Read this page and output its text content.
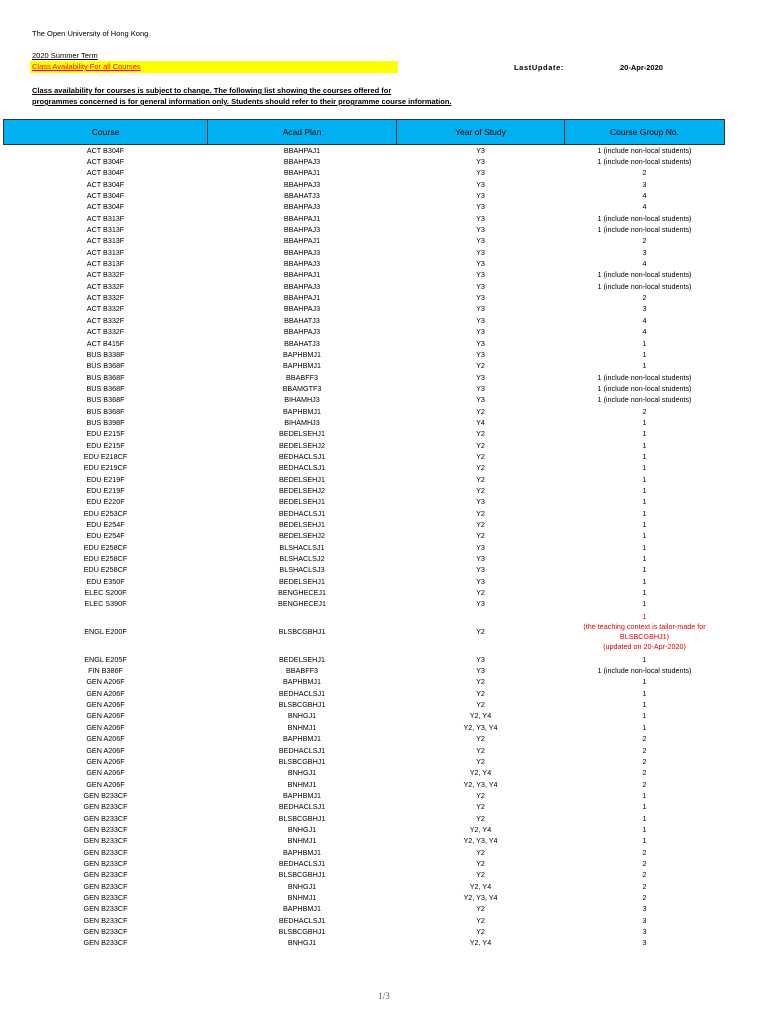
The Open University of Hong Kong
2020 Summer Term
Class Availability For all Courses	LastUpdate:	20-Apr-2020
Class availability for courses is subject to change. The following list showing the courses offered for
programmes concerned is for general information only. Students should refer to their programme course information.
Course	Acad Plan	Year of Study	Course Group No.
ACT B304F	BBAHPAJ1	Y3	1 (include non-local students)
ACT B304F	BBAHPAJ3	Y3	1 (include non-local students)
ACT B304F	BBAHPAJ1	Y3	2
ACT B304F	BBAHPAJ3	Y3	3
ACT B304F	BBAHATJ3	Y3	4
ACT B304F	BBAHPAJ3	Y3	4
ACT B313F	BBAHPAJ1	Y3	1 (include non-local students)
ACT B313F	BBAHPAJ3	Y3	1 (include non-local students)
ACT B313F	BBAHPAJ1	Y3	2
ACT B313F	BBAHPAJ3	Y3	3
ACT B313F	BBAHPAJ3	Y3	4
ACT B332F	BBAHPAJ1	Y3	1 (include non-local students)
ACT B332F	BBAHPAJ3	Y3	1 (include non-local students)
ACT B332F	BBAHPAJ1	Y3	2
ACT B332F	BBAHPAJ3	Y3	3
ACT B332F	BBAHATJ3	Y3	4
ACT B332F	BBAHPAJ3	Y3	4
ACT B415F	BBAHATJ3	Y3	1
BUS B338F	BAPHBMJ1	Y3	1
BUS B368F	BAPHBMJ1	Y2	1
BUS B368F	BBABFF3	Y3	1 (include non-local students)
BUS B368F	BBAMGTF3	Y3	1 (include non-local students)
BUS B368F	BIHAMHJ3	Y3	1 (include non-local students)
BUS B368F	BAPHBMJ1	Y2	2
BUS B398F	BIHAMHJ3	Y4	1
EDU E215F	BEDELSEHJ1	Y2	1
EDU E215F	BEDELSEHJ2	Y2	1
EDU E218CF	BEDHACLSJ1	Y2	1
EDU E219CF	BEDHACLSJ1	Y2	1
EDU E219F	BEDELSEHJ1	Y2	1
EDU E219F	BEDELSEHJ2	Y2	1
EDU E220F	BEDELSEHJ1	Y3	1
EDU E253CF	BEDHACLSJ1	Y2	1
EDU E254F	BEDELSEHJ1	Y2	1
EDU E254F	BEDELSEHJ2	Y2	1
EDU E258CF	BLSHACLSJ1	Y3	1
EDU E258CF	BLSHACLSJ2	Y3	1
EDU E258CF	BLSHACLSJ3	Y3	1
EDU E350F	BEDELSEHJ1	Y3	1
ELEC S200F	BENGHECEJ1	Y2	1
ELEC S390F	BENGHECEJ1	Y3	1
ENGL E200F	BLSBCGBHJ1	Y2	1
(the teaching context is tailor-made for
BLSBCGBHJ1)
(updated on 20-Apr-2020)

ENGL E205F	BEDELSEHJ1	Y3	1
FIN B386F	BBABFF3	Y3	1 (include non-local students)
GEN A206F	BAPHBMJ1	Y2	1
GEN A206F	BEDHACLSJ1	Y2	1
GEN A206F	BLSBCGBHJ1	Y2	1
GEN A206F	BNHGJ1	Y2, Y4	1
GEN A206F	BNHMJ1	Y2, Y3, Y4	1
GEN A206F	BAPHBMJ1	Y2	2
GEN A206F	BEDHACLSJ1	Y2	2
GEN A206F	BLSBCGBHJ1	Y2	2
GEN A206F	BNHGJ1	Y2, Y4	2
GEN A206F	BNHMJ1	Y2, Y3, Y4	2
GEN B233CF	BAPHBMJ1	Y2	1
GEN B233CF	BEDHACLSJ1	Y2	1
GEN B233CF	BLSBCGBHJ1	Y2	1
GEN B233CF	BNHGJ1	Y2, Y4	1
GEN B233CF	BNHMJ1	Y2, Y3, Y4	1
GEN B233CF	BAPHBMJ1	Y2	2
GEN B233CF	BEDHACLSJ1	Y2	2
GEN B233CF	BLSBCGBHJ1	Y2	2
GEN B233CF	BNHGJ1	Y2, Y4	2
GEN B233CF	BNHMJ1	Y2, Y3, Y4	2
GEN B233CF	BAPHBMJ1	Y2	3
GEN B233CF	BEDHACLSJ1	Y2	3
GEN B233CF	BLSBCGBHJ1	Y2	3
GEN B233CF	BNHGJ1	Y2, Y4	3
1/3
